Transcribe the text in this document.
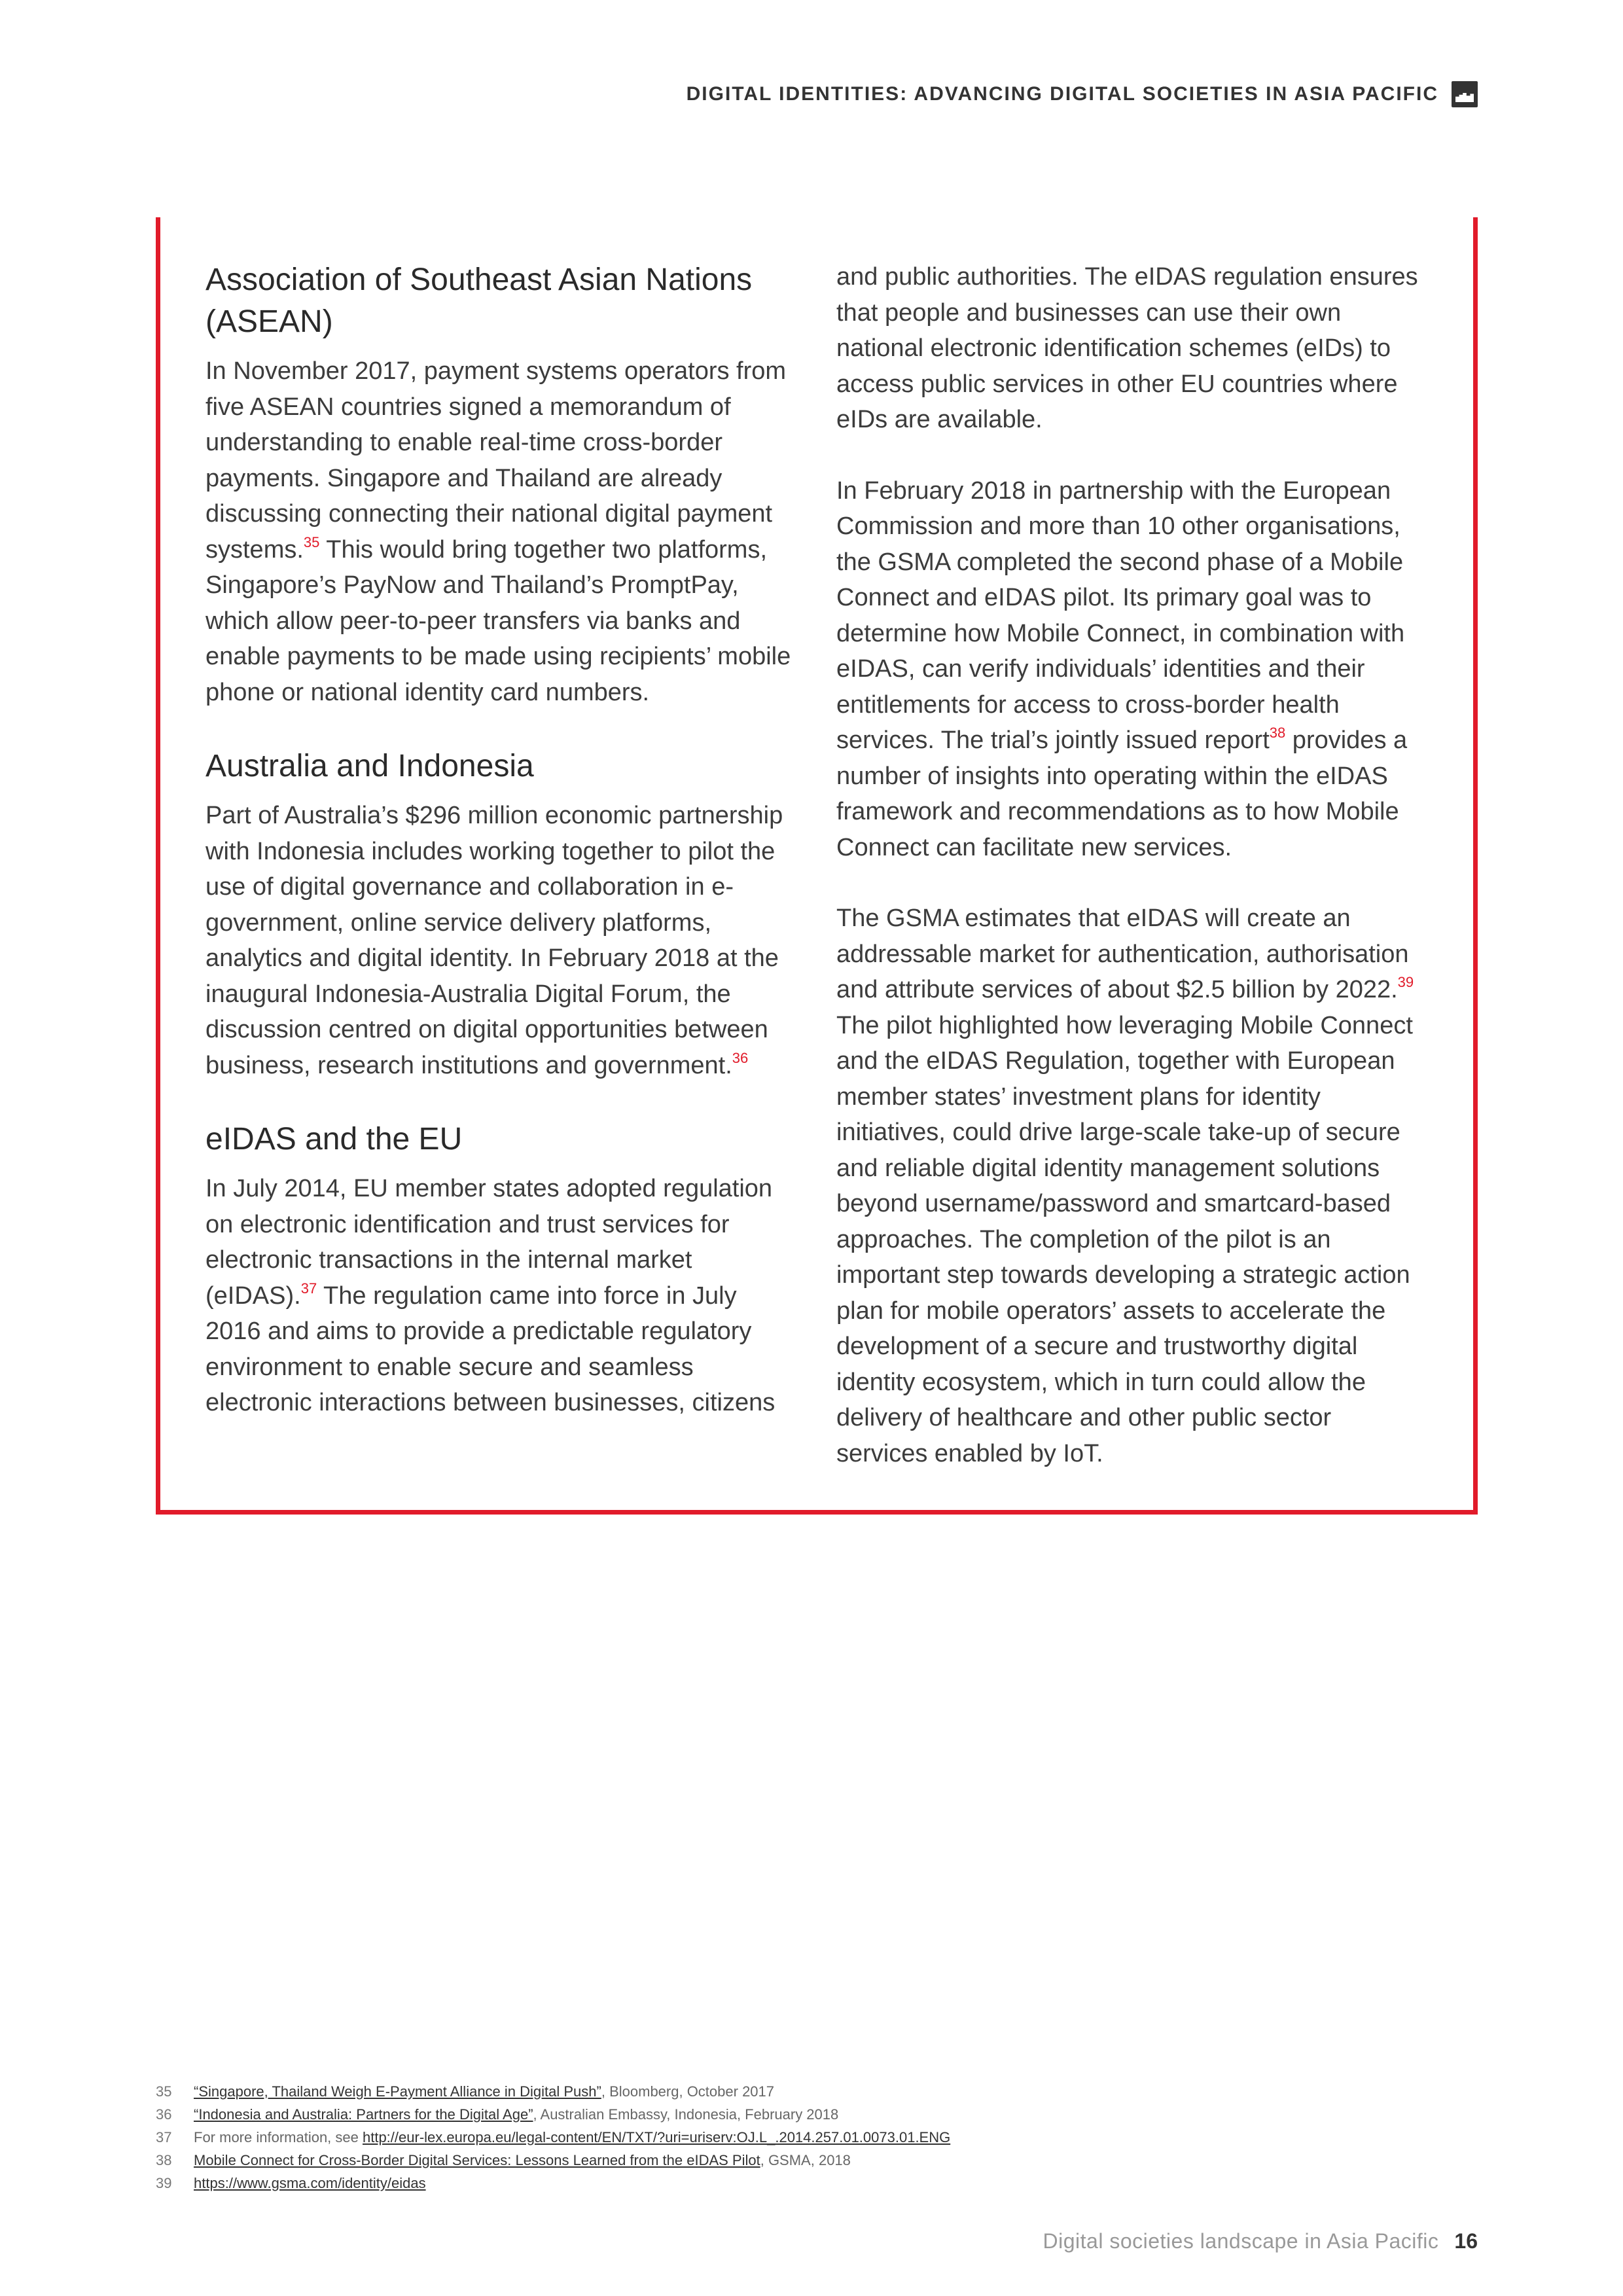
DIGITAL IDENTITIES: ADVANCING DIGITAL SOCIETIES IN ASIA PACIFIC
Association of Southeast Asian Nations (ASEAN)

In November 2017, payment systems operators from five ASEAN countries signed a memorandum of understanding to enable real-time cross-border payments. Singapore and Thailand are already discussing connecting their national digital payment systems.$^{35}$ This would bring together two platforms, Singapore’s PayNow and Thailand’s PromptPay, which allow peer-to-peer transfers via banks and enable payments to be made using recipients’ mobile phone or national identity card numbers.

Australia and Indonesia

Part of Australia’s $296 million economic partnership with Indonesia includes working together to pilot the use of digital governance and collaboration in e-government, online service delivery platforms, analytics and digital identity. In February 2018 at the inaugural Indonesia-Australia Digital Forum, the discussion centred on digital opportunities between business, research institutions and government.$^{36}$

eIDAS and the EU

In July 2014, EU member states adopted regulation on electronic identification and trust services for electronic transactions in the internal market (eIDAS).$^{37}$ The regulation came into force in July 2016 and aims to provide a predictable regulatory environment to enable secure and seamless electronic interactions between businesses, citizens

and public authorities. The eIDAS regulation ensures that people and businesses can use their own national electronic identification schemes (eIDs) to access public services in other EU countries where eIDs are available.

In February 2018 in partnership with the European Commission and more than 10 other organisations, the GSMA completed the second phase of a Mobile Connect and eIDAS pilot. Its primary goal was to determine how Mobile Connect, in combination with eIDAS, can verify individuals’ identities and their entitlements for access to cross-border health services. The trial’s jointly issued report$^{38}$ provides a number of insights into operating within the eIDAS framework and recommendations as to how Mobile Connect can facilitate new services.

The GSMA estimates that eIDAS will create an addressable market for authentication, authorisation and attribute services of about $2.5 billion by 2022.39 The pilot highlighted how leveraging Mobile Connect and the eIDAS Regulation, together with European member states’ investment plans for identity initiatives, could drive large-scale take-up of secure and reliable digital identity management solutions beyond username/password and smartcard-based approaches. The completion of the pilot is an important step towards developing a strategic action plan for mobile operators’ assets to accelerate the development of a secure and trustworthy digital identity ecosystem, which in turn could allow the delivery of healthcare and other public sector services enabled by IoT.

35	“Singapore, Thailand Weigh E-Payment Alliance in Digital Push”, Bloomberg, October 2017
36	“Indonesia and Australia: Partners for the Digital Age”, Australian Embassy, Indonesia, February 2018
37	For more information, see http://eur-lex.europa.eu/legal-content/EN/TXT/?uri=uriserv:OJ.L_.2014.257.01.0073.01.ENG
38	Mobile Connect for Cross-Border Digital Services: Lessons Learned from the eIDAS Pilot, GSMA, 2018
39	https://www.gsma.com/identity/eidas
Digital societies landscape in Asia Pacific 16
